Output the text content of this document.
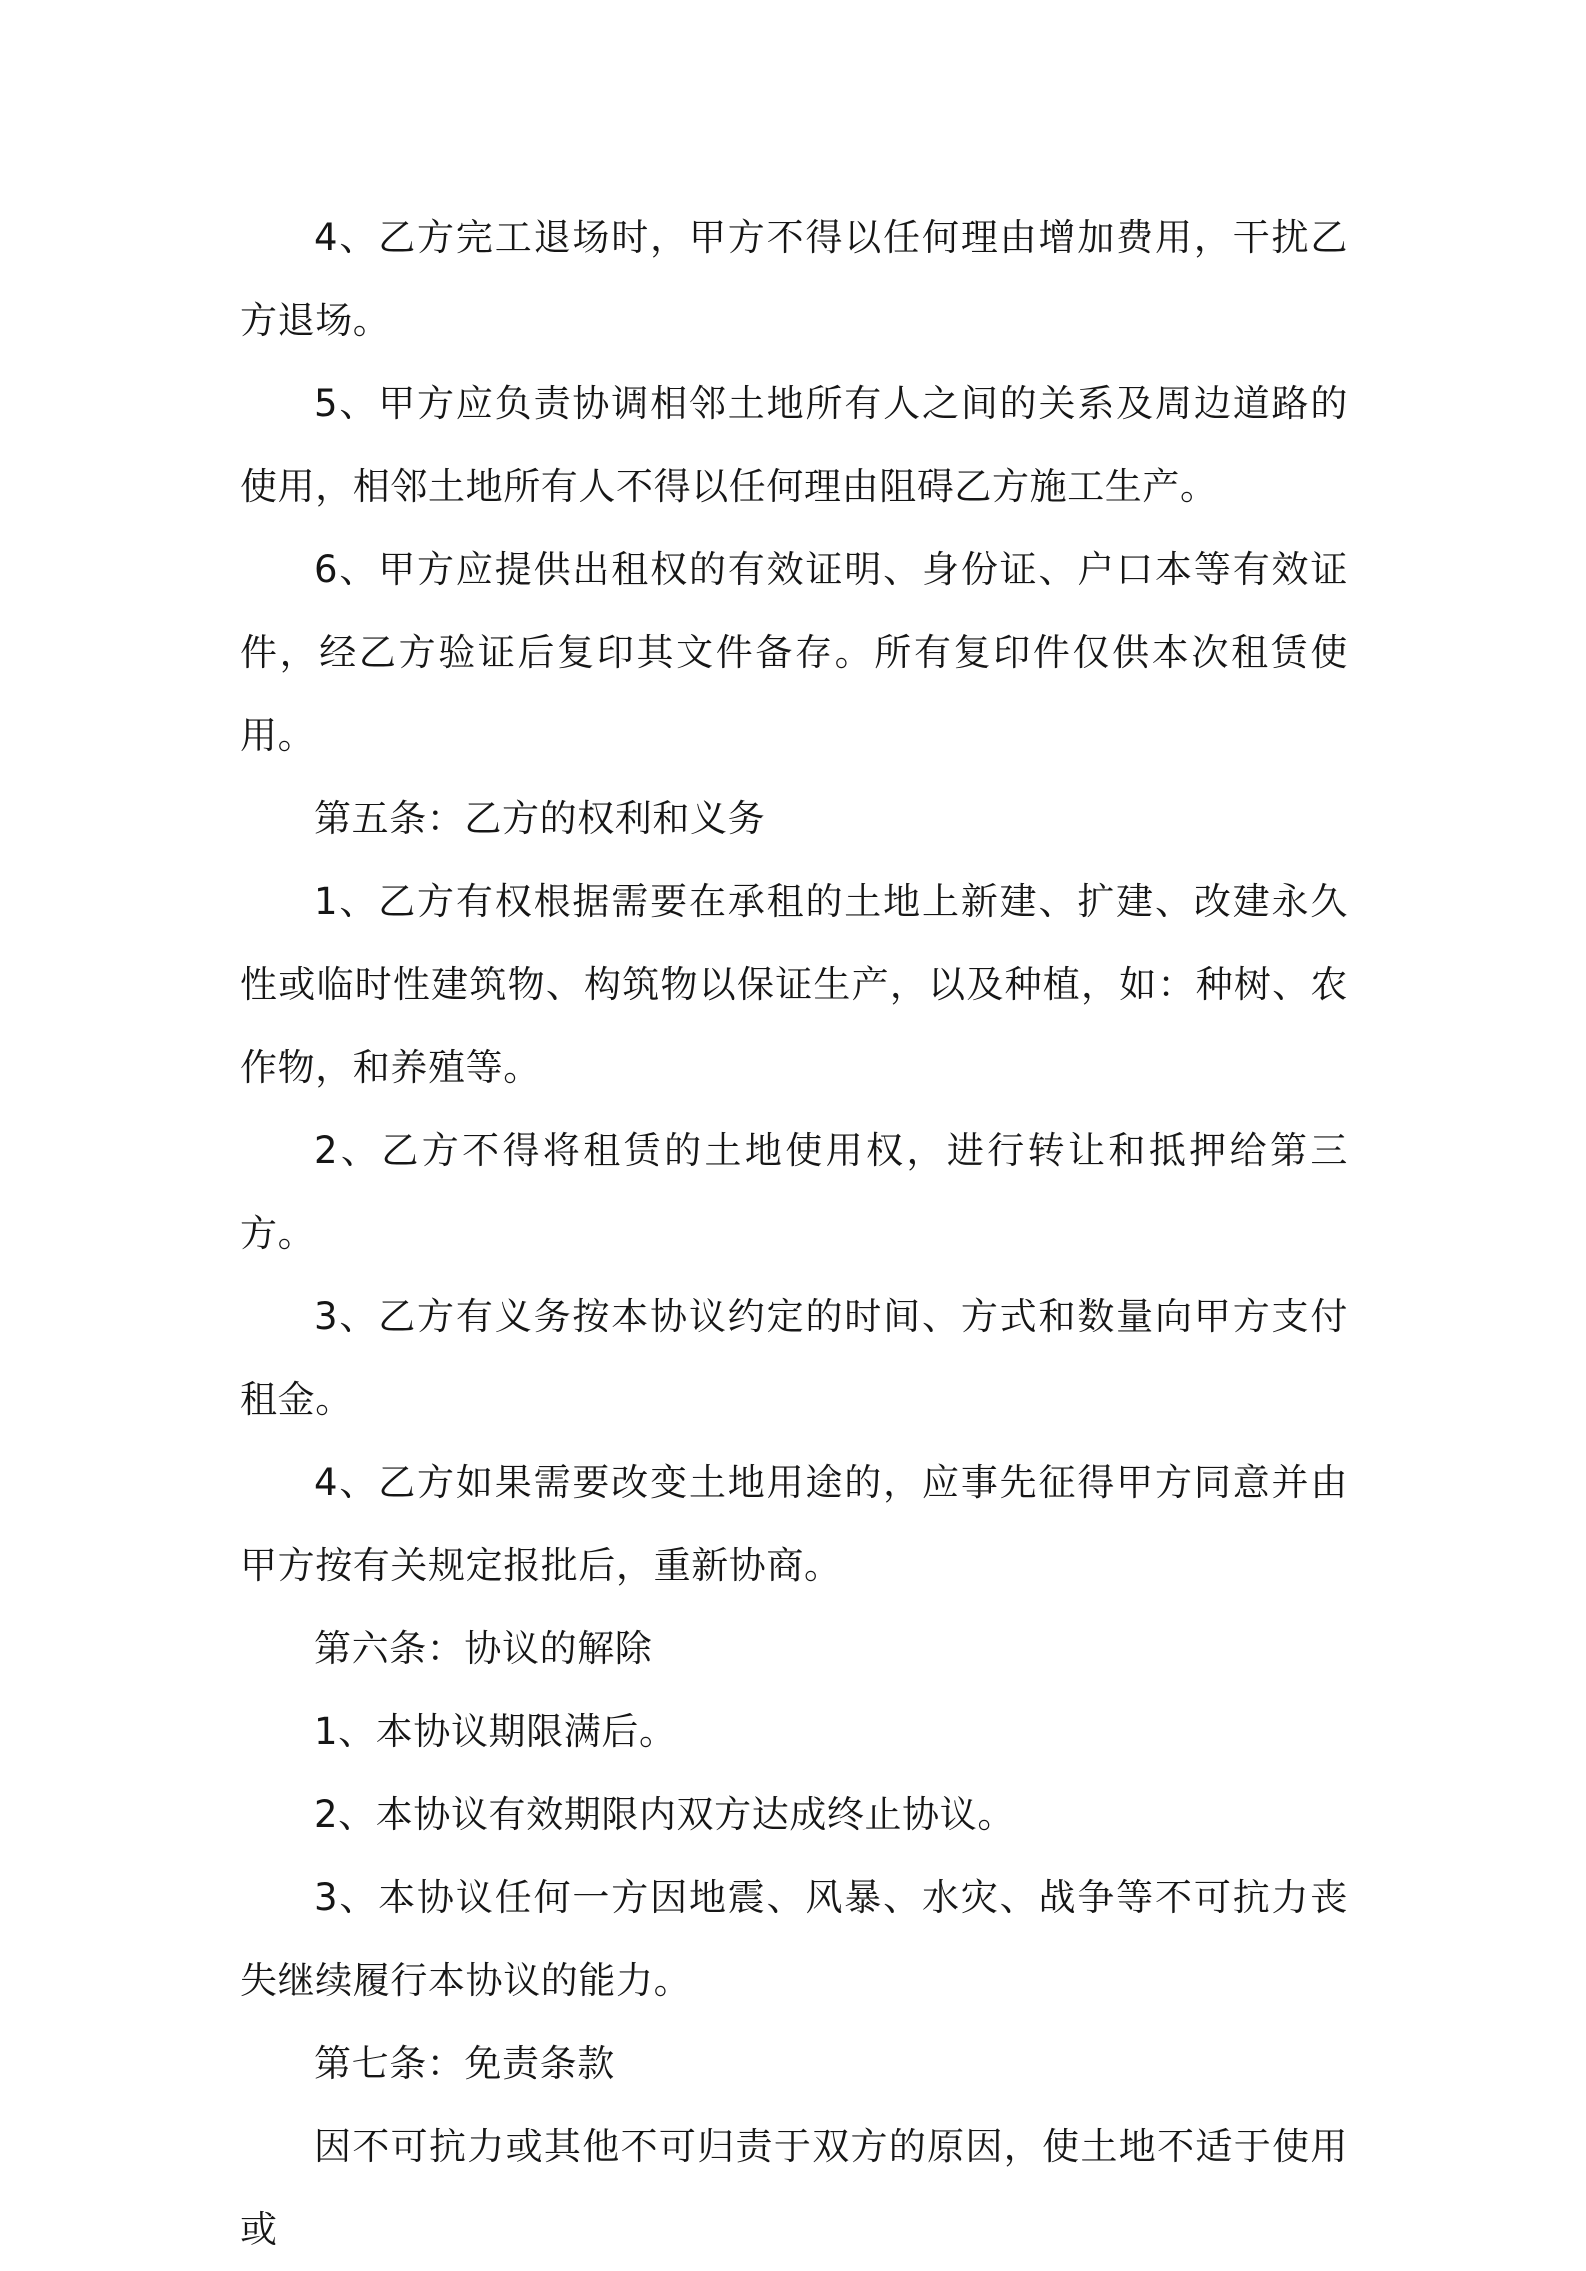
4、乙方完工退场时，甲方不得以任何理由增加费用，干扰乙方退场。

5、甲方应负责协调相邻土地所有人之间的关系及周边道路的使用，相邻土地所有人不得以任何理由阻碍乙方施工生产。

6、甲方应提供出租权的有效证明、身份证、户口本等有效证件，经乙方验证后复印其文件备存。所有复印件仅供本次租赁使用。

第五条：乙方的权利和义务

1、乙方有权根据需要在承租的土地上新建、扩建、改建永久性或临时性建筑物、构筑物以保证生产，以及种植，如：种树、农作物，和养殖等。

2、乙方不得将租赁的土地使用权，进行转让和抵押给第三方。

3、乙方有义务按本协议约定的时间、方式和数量向甲方支付租金。

4、乙方如果需要改变土地用途的，应事先征得甲方同意并由甲方按有关规定报批后，重新协商。

第六条：协议的解除

1、本协议期限满后。

2、本协议有效期限内双方达成终止协议。

3、本协议任何一方因地震、风暴、水灾、战争等不可抗力丧失继续履行本协议的能力。

第七条：免责条款

因不可抗力或其他不可归责于双方的原因，使土地不适于使用或
